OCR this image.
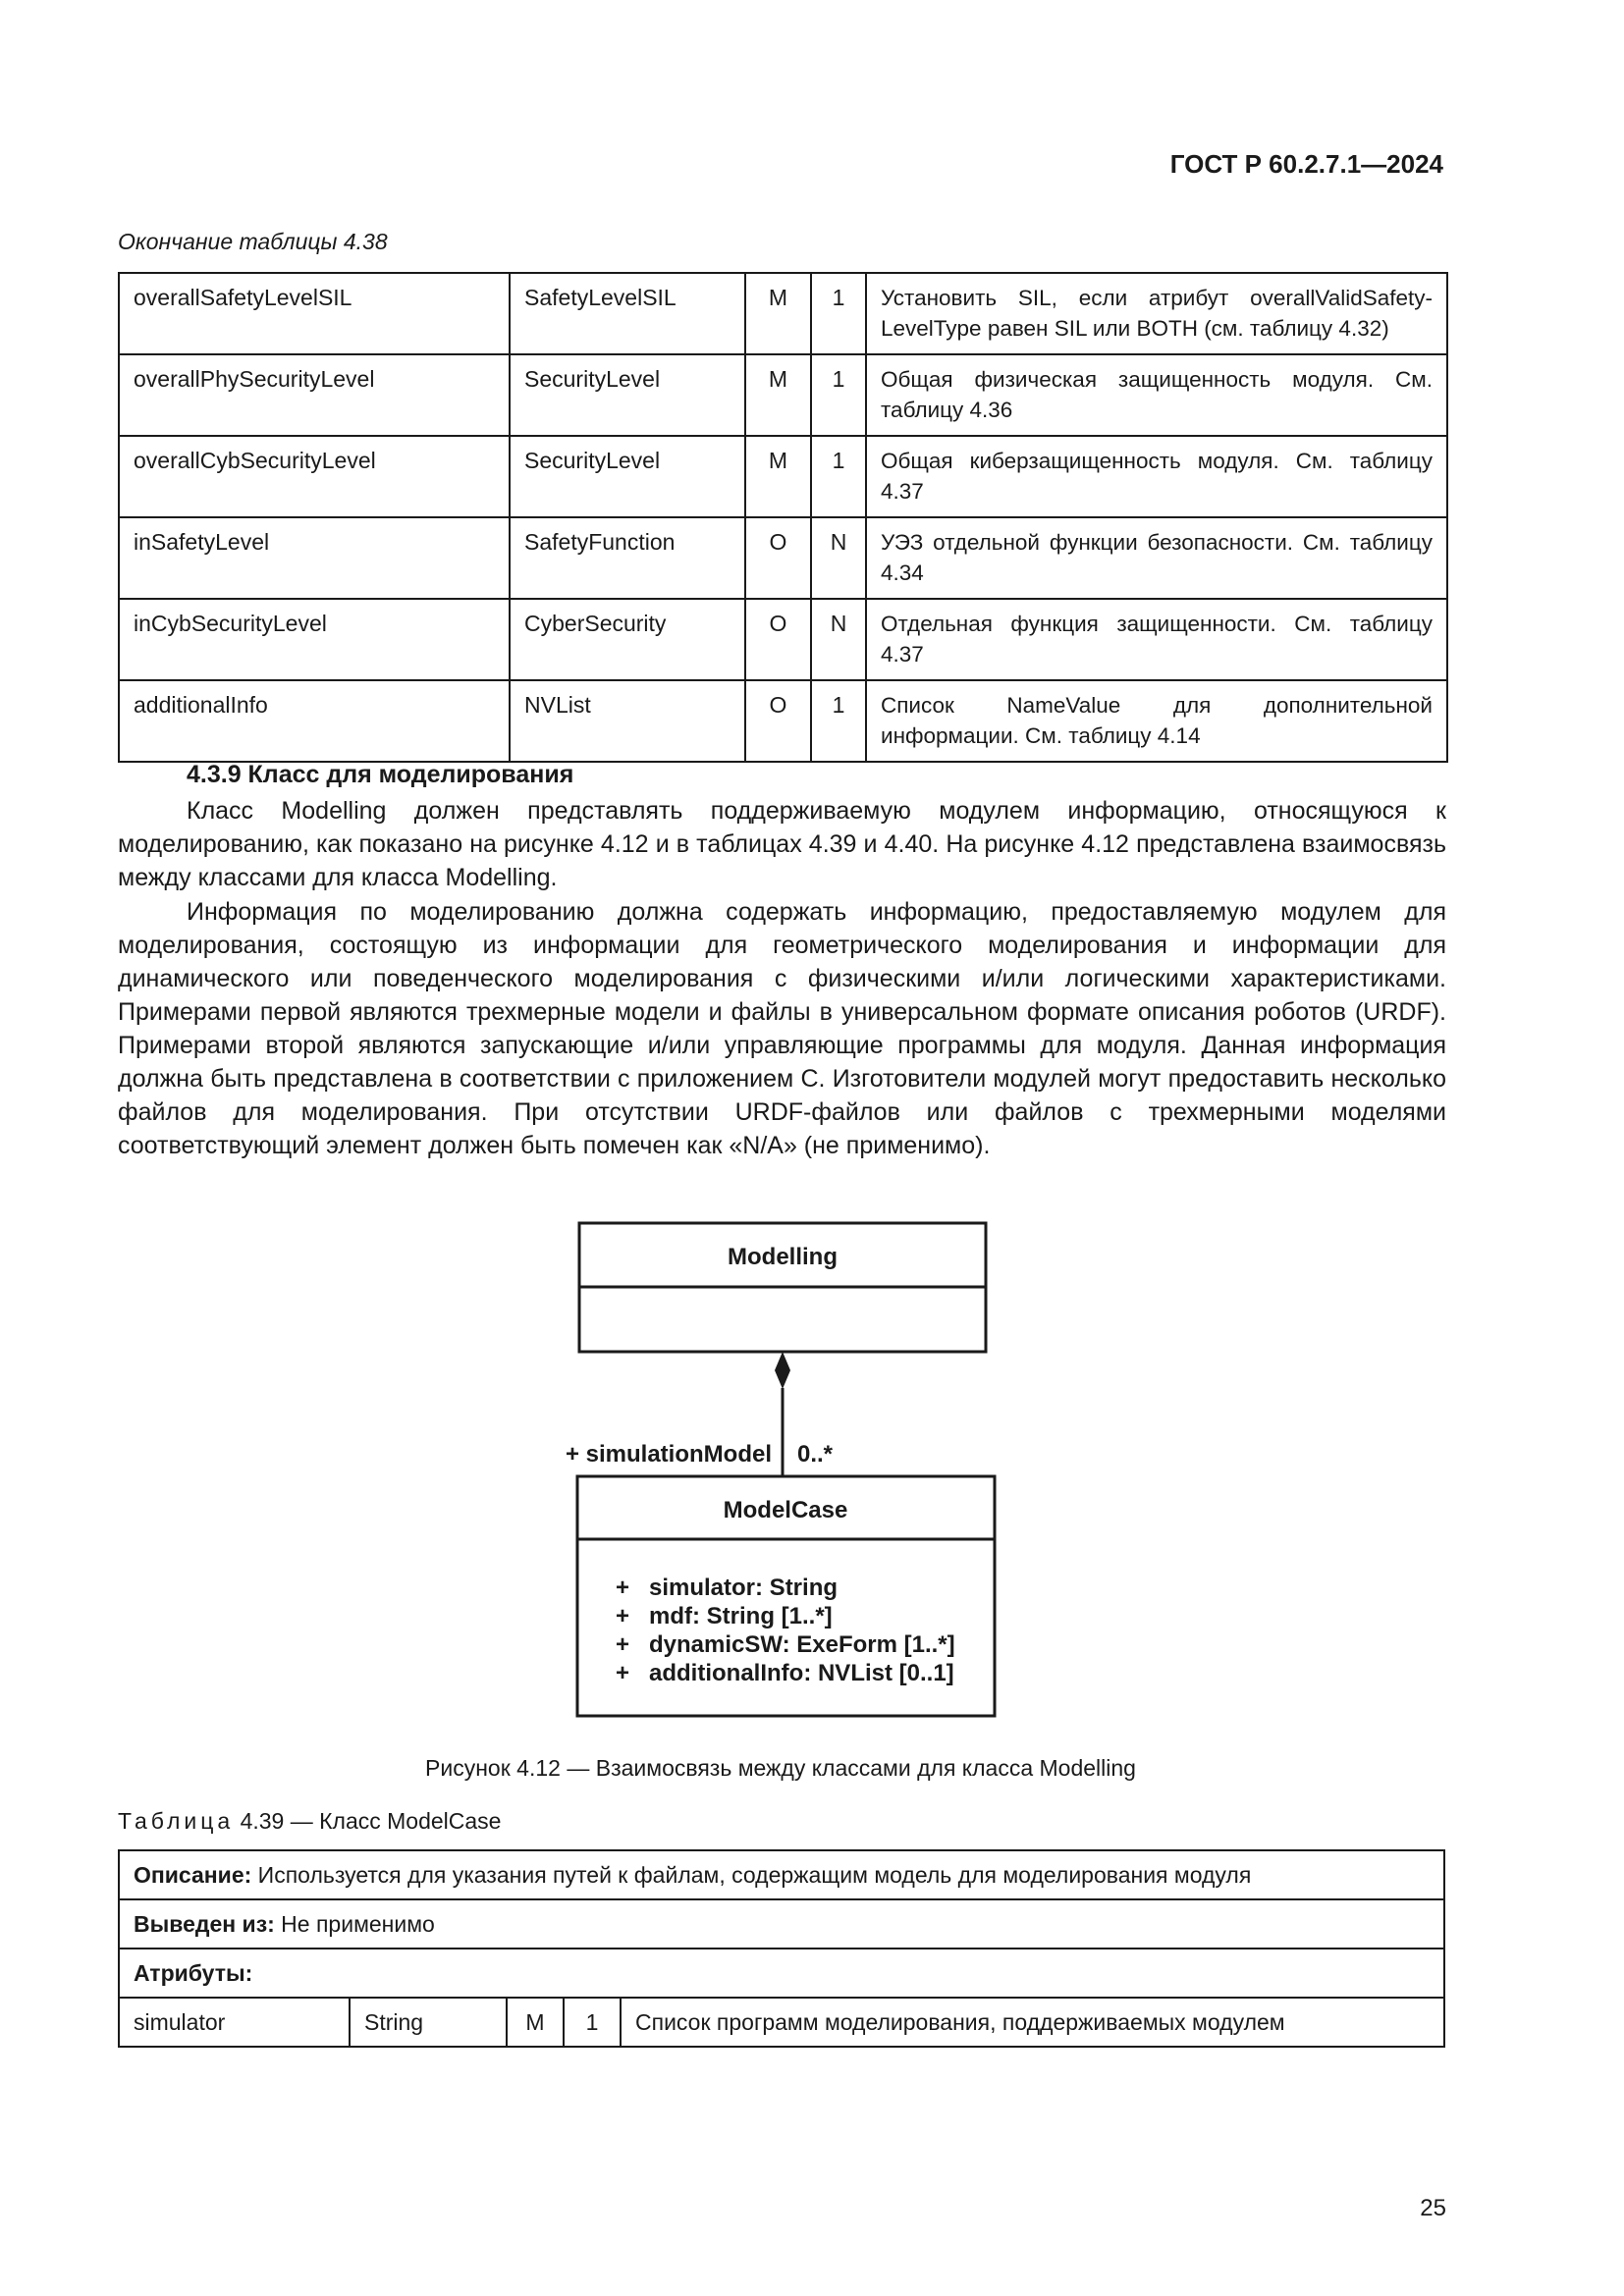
ГОСТ Р 60.2.7.1—2024
Окончание таблицы 4.38
overallSafetyLevelSIL	SafetyLevelSIL	M	1	Установить SIL, если атрибут overallValidSafety-LevelType равен SIL или BOTH (см. таблицу 4.32)
overallPhySecurityLevel	SecurityLevel	M	1	Общая физическая защищенность модуля. См. таблицу 4.36
overallCybSecurityLevel	SecurityLevel	M	1	Общая киберзащищенность модуля. См. таблицу 4.37
inSafetyLevel	SafetyFunction	O	N	УЭЗ отдельной функции безопасности. См. таблицу 4.34
inCybSecurityLevel	CyberSecurity	O	N	Отдельная функция защищенности. См. таблицу 4.37
additionalInfo	NVList	O	1	Список NameValue для дополнительной информации. См. таблицу 4.14
4.3.9 Класс для моделирования
Класс Modelling должен представлять поддерживаемую модулем информацию, относящуюся к моделированию, как показано на рисунке 4.12 и в таблицах 4.39 и 4.40. На рисунке 4.12 представлена взаимосвязь между классами для класса Modelling.
Информация по моделированию должна содержать информацию, предоставляемую модулем для моделирования, состоящую из информации для геометрического моделирования и информации для динамического или поведенческого моделирования с физическими и/или логическими характеристиками. Примерами первой являются трехмерные модели и файлы в универсальном формате описания роботов (URDF). Примерами второй являются запускающие и/или управляющие программы для модуля. Данная информация должна быть представлена в соответствии с приложением С. Изготовители модулей могут предоставить несколько файлов для моделирования. При отсутствии URDF-файлов или файлов с трехмерными моделями соответствующий элемент должен быть помечен как «N/A» (не применимо).
Modelling
+ simulationModel 0..*
ModelCase
+ simulator: String
+ mdf: String [1..*]
+ dynamicSW: ExeForm [1..*]
+ additionalInfo: NVList [0..1]
Рисунок 4.12 — Взаимосвязь между классами для класса Modelling
Таблица 4.39 — Класс ModelCase
Описание: Используется для указания путей к файлам, содержащим модель для моделирования модуля
Выведен из: Не применимо
Атрибуты:
simulator	String	M	1	Список программ моделирования, поддерживаемых модулем
25
